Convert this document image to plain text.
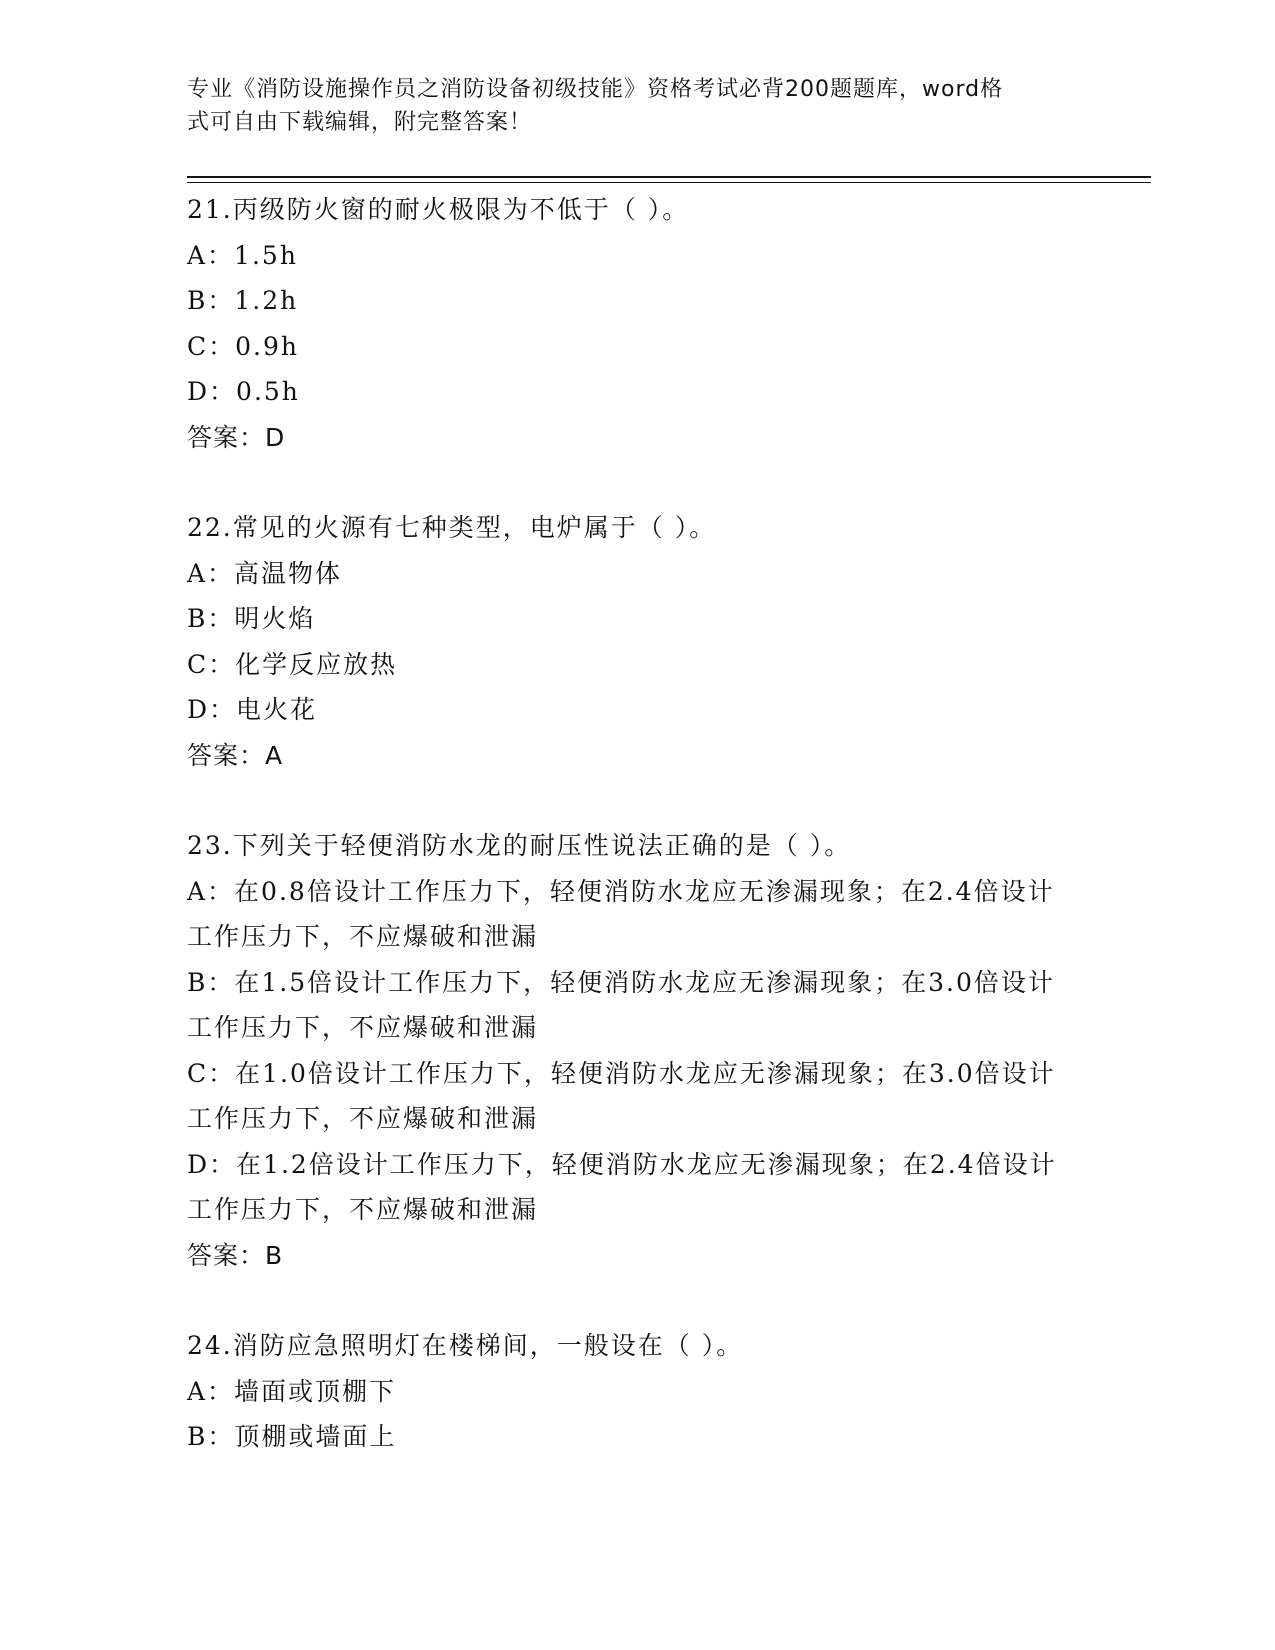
专业《消防设施操作员之消防设备初级技能》资格考试必背200题题库，word格
式可自由下载编辑，附完整答案！
21.丙级防火窗的耐火极限为不低于（ ）。
A：1.5h
B：1.2h
C：0.9h
D：0.5h
答案：D
22.常见的火源有七种类型，电炉属于（ ）。
A：高温物体
B：明火焰
C：化学反应放热
D：电火花
答案：A
23.下列关于轻便消防水龙的耐压性说法正确的是（ ）。
A：在0.8倍设计工作压力下，轻便消防水龙应无渗漏现象；在2.4倍设计工作压力下，不应爆破和泄漏
B：在1.5倍设计工作压力下，轻便消防水龙应无渗漏现象；在3.0倍设计工作压力下，不应爆破和泄漏
C：在1.0倍设计工作压力下，轻便消防水龙应无渗漏现象；在3.0倍设计工作压力下，不应爆破和泄漏
D：在1.2倍设计工作压力下，轻便消防水龙应无渗漏现象；在2.4倍设计工作压力下，不应爆破和泄漏
答案：B
24.消防应急照明灯在楼梯间，一般设在（ ）。
A：墙面或顶棚下
B：顶棚或墙面上
